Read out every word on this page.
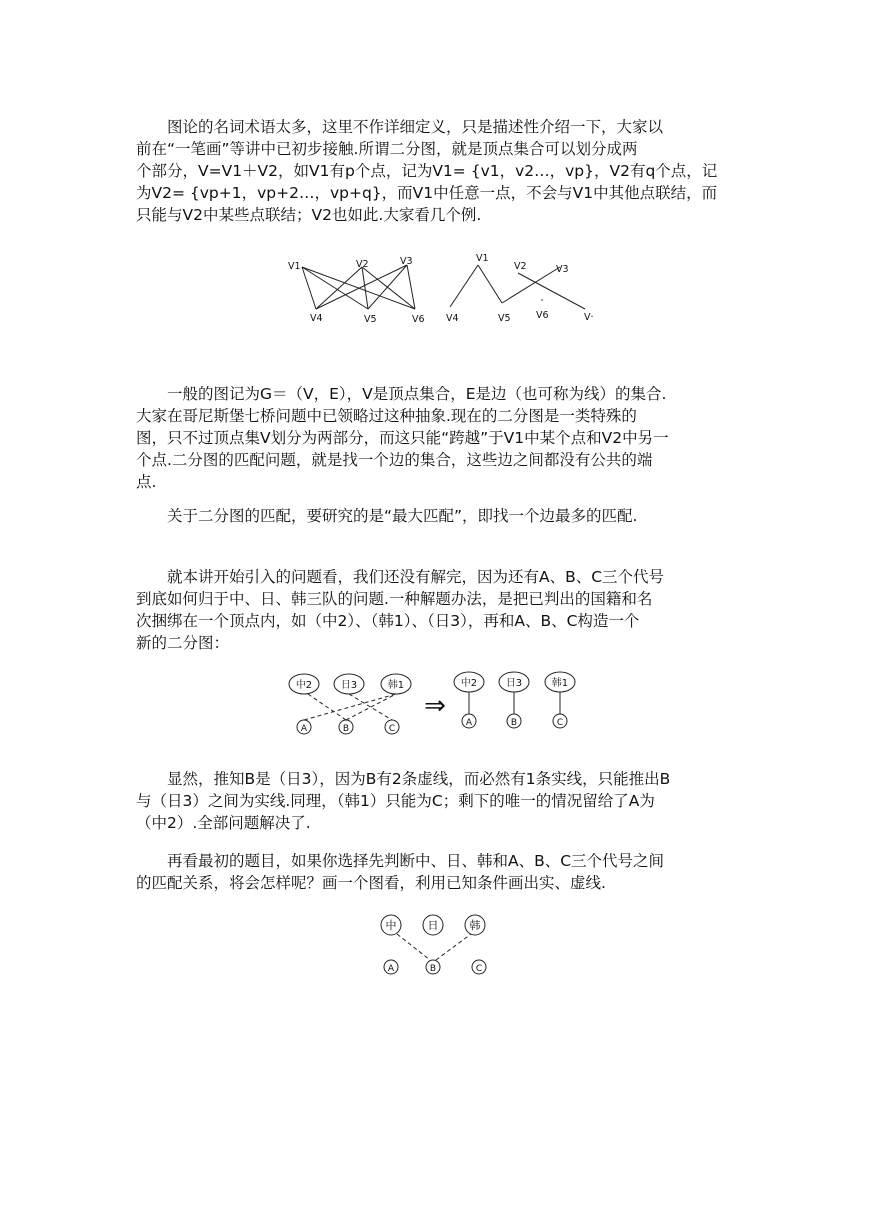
　　图论的名词术语太多，这里不作详细定义，只是描述性介绍一下，大家以
前在“一笔画”等讲中已初步接触.所谓二分图，就是顶点集合可以划分成两
个部分，V=V1＋V2，如V1有p个点，记为V1= {v1，v2…，vp}，V2有q个点，记
为V2= {vp+1，vp+2…，vp+q}，而V1中任意一点，不会与V1中其他点联结，而
只能与V2中某些点联结；V2也如此.大家看几个例.
V1	V2	V3
V4	V5	V6
V1
V2	V3
V4	V5	V6	V·
　　一般的图记为G＝（V，E），V是顶点集合，E是边（也可称为线）的集合.
大家在哥尼斯堡七桥问题中已领略过这种抽象.现在的二分图是一类特殊的
图，只不过顶点集V划分为两部分，而这只能“跨越”于V1中某个点和V2中另一
个点.二分图的匹配问题，就是找一个边的集合，这些边之间都没有公共的端
点.
　　关于二分图的匹配，要研究的是“最大匹配”，即找一个边最多的匹配.
　　就本讲开始引入的问题看，我们还没有解完，因为还有A、B、C三个代号
到底如何归于中、日、韩三队的问题.一种解题办法，是把已判出的国籍和名
次捆绑在一个顶点内，如（中2）、（韩1）、（日3），再和A、B、C构造一个
新的二分图：
中2	日3	韩1
A	B	C
⇒
中2	日3	韩1
A	B	C
　　显然，推知B是（日3），因为B有2条虚线，而必然有1条实线，只能推出B
与（日3）之间为实线.同理，（韩1）只能为C；剩下的唯一的情况留给了A为
（中2）.全部问题解决了.
　　再看最初的题目，如果你选择先判断中、日、韩和A、B、C三个代号之间
的匹配关系，将会怎样呢？画一个图看，利用已知条件画出实、虚线.
中	日	韩
A	B	C
